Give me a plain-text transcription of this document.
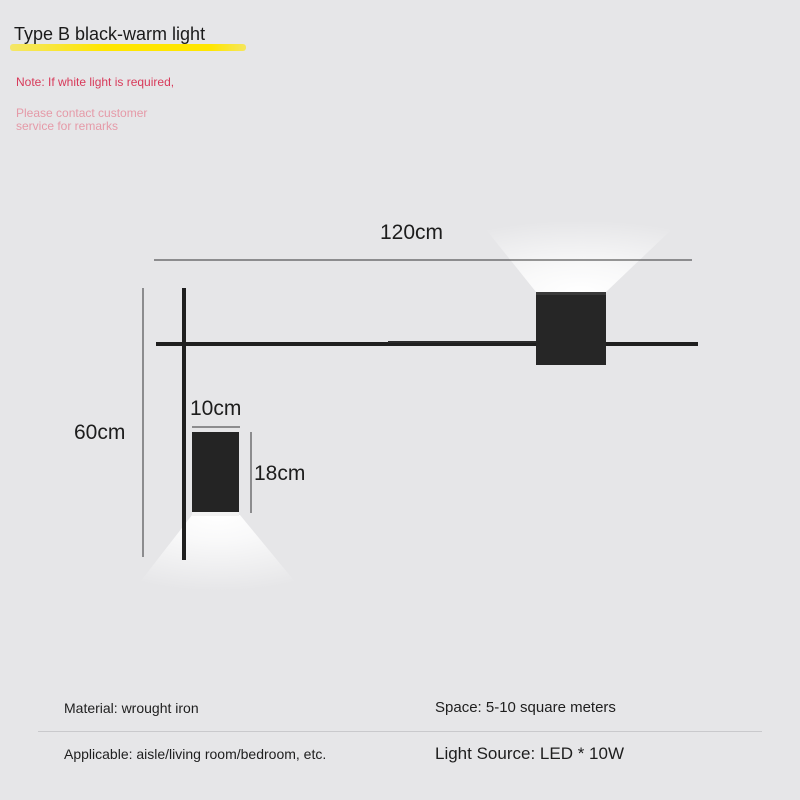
Type B black-warm light
Note: If white light is required,
Please contact customer service for remarks
120cm
60cm
10cm
18cm
Material: wrought iron	Space: 5-10 square meters
Applicable: aisle/living room/bedroom, etc.	Light Source: LED * 10W
